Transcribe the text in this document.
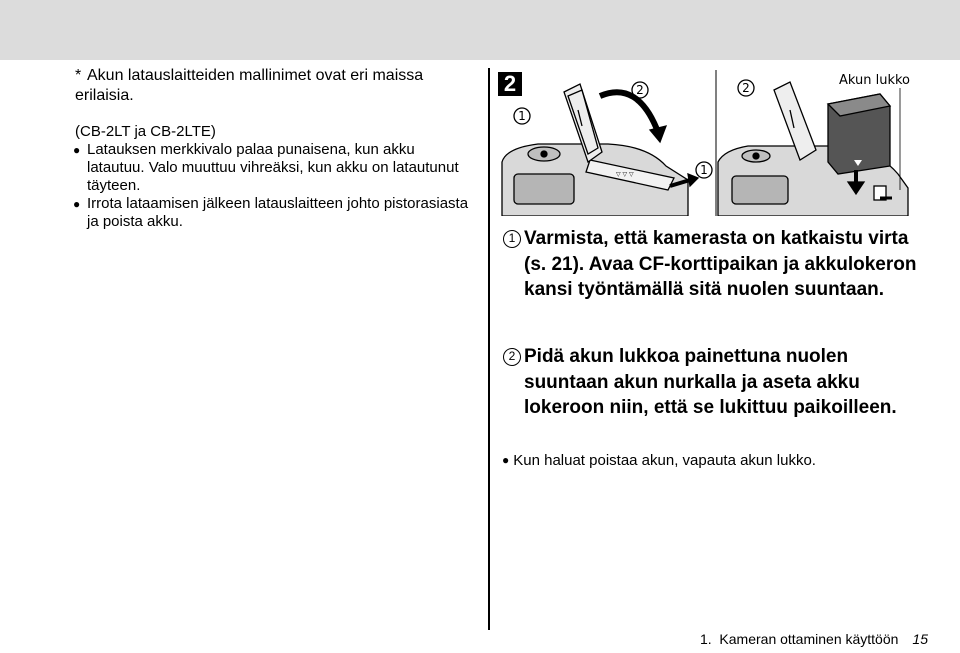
* Akun latauslaitteiden mallinimet ovat eri maissa erilaisia.

(CB-2LT ja CB-2LTE)

● Latauksen merkkivalo palaa punaisena, kun akku latautuu. Valo muuttuu vihreäksi, kun akku on latautunut täyteen.

● Irrota lataamisen jälkeen latauslaitteen johto pistorasiasta ja poista akku.

2
▽ ▽ ▽
1
2
1
2	Akun lukko
1 Varmista, että kamerasta on katkaistu virta (s. 21). Avaa CF-korttipaikan ja akkulokeron kansi työntämällä sitä nuolen suuntaan.
2 Pidä akun lukkoa painettuna nuolen suuntaan akun nurkalla ja aseta akku lokeroon niin, että se lukittuu paikoilleen.
● Kun haluat poistaa akun, vapauta akun lukko.
1.  Kameran ottaminen käyttöön 15
